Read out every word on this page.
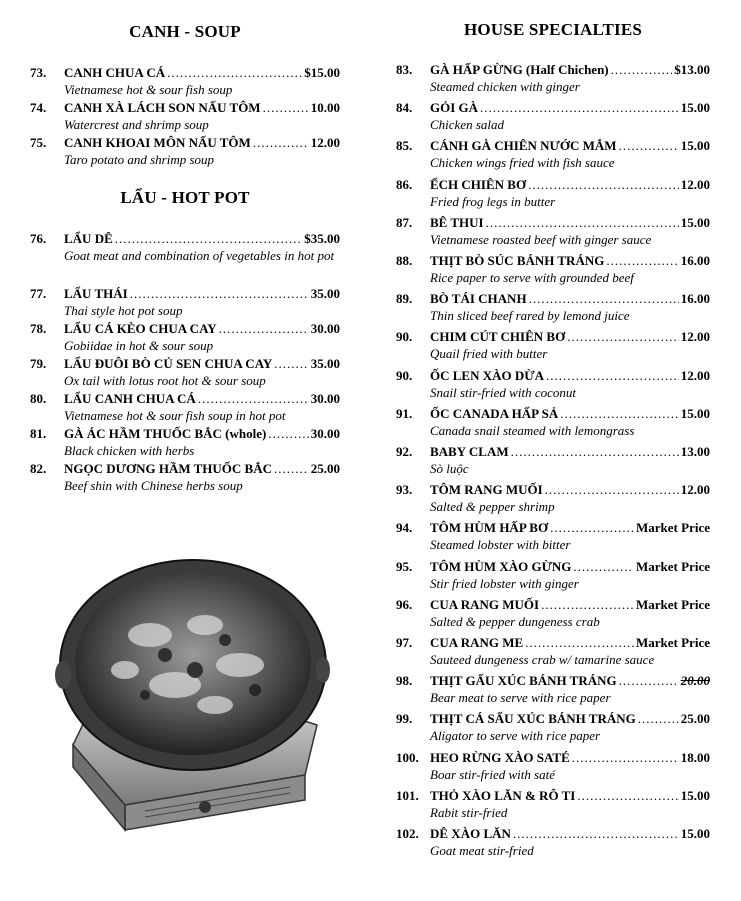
CANH - SOUP
73.	CANH CHUA CÁ .....	$15.00
Vietnamese hot & sour fish soup
74.	CANH XÀ LÁCH SON NẤU TÔM .....	10.00
Watercrest and shrimp soup
75.	CANH KHOAI MÔN NẤU TÔM .....	12.00
Taro potato and shrimp soup
LẨU - HOT POT
76.	LẨU DÊ .....	$35.00
Goat meat and combination of vegetables in hot pot
77.	LẨU THÁI .....	35.00
Thai style hot pot soup
78.	LẨU CÁ KÈO CHUA CAY .....	30.00
Gobiidae in hot & sour soup
79.	LẨU ĐUÔI BÒ CỦ SEN CHUA CAY .....	35.00
Ox tail with lotus root hot & sour soup
80.	LẨU CANH CHUA CÁ .....	30.00
Vietnamese hot & sour fish soup in hot pot
81.	GÀ ÁC HẦM THUỐC BẮC (whole) .....	30.00
Black chicken with herbs
82.	NGỌC DƯƠNG HẦM THUỐC BẮC .....	25.00
Beef shin with Chinese herbs soup
HOUSE SPECIALTIES
83.	GÀ HẤP GỪNG (Half Chichen) .....	$13.00
Steamed chicken with ginger
84.	GỎI GÀ .....	15.00
Chicken salad
85.	CÁNH GÀ CHIÊN NƯỚC MẮM .....	15.00
Chicken wings fried with fish sauce
86.	ẾCH CHIÊN BƠ .....	12.00
Fried frog legs in butter
87.	BÊ THUI .....	15.00
Vietnamese roasted beef with ginger sauce
88.	THỊT BÒ SÚC BÁNH TRÁNG .....	16.00
Rice paper to serve with grounded beef
89.	BÒ TÁI CHANH .....	16.00
Thin sliced beef rared by lemond juice
90.	CHIM CÚT CHIÊN BƠ .....	12.00
Quail fried with butter
90.	ỐC LEN XÀO DỪA .....	12.00
Snail stir-fried with coconut
91.	ỐC CANADA HẤP SẢ .....	15.00
Canada snail steamed with lemongrass
92.	BABY CLAM .....	13.00
Sò luộc
93.	TÔM RANG MUỐI .....	12.00
Salted & pepper shrimp
94.	TÔM HÙM HẤP BƠ .....	Market Price
Steamed lobster with bitter
95.	TÔM HÙM XÀO GỪNG .....	Market Price
Stir fried lobster with ginger
96.	CUA RANG MUỐI .....	Market Price
Salted & pepper dungeness crab
97.	CUA RANG ME .....	Market Price
Sauteed dungeness crab w/ tamarine sauce
98.	THỊT GẤU XÚC BÁNH TRÁNG .....	20.00
Bear meat to serve with rice paper
99.	THỊT CÁ SẤU XÚC BÁNH TRÁNG .....	25.00
Aligator to serve with rice paper
100. HEO RỪNG XÀO SATÉ .....	18.00
Boar stir-fried with saté
101. THỎ XÀO LĂN & RÔ TI .....	15.00
Rabit stir-fried
102. DÊ XÀO LĂN .....	15.00
Goat meat stir-fried
